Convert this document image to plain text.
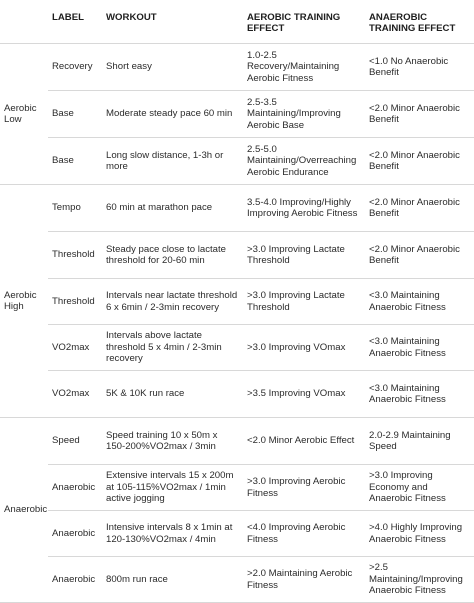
	LABEL	WORKOUT	AEROBIC TRAINING EFFECT	ANAEROBIC TRAINING EFFECT

Aerobic Low	Recovery	Short easy	1.0-2.5 Recovery/Maintaining Aerobic Fitness	<1.0 No Anaerobic Benefit
	Base	Moderate steady pace 60 min	2.5-3.5 Maintaining/Improving Aerobic Base	<2.0 Minor Anaerobic Benefit
	Base	Long slow distance, 1-3h or more	2.5-5.0 Maintaining/Overreaching Aerobic Endurance	<2.0 Minor Anaerobic Benefit

Aerobic High	Tempo	60 min at marathon pace	3.5-4.0 Improving/Highly Improving Aerobic Fitness	<2.0 Minor Anaerobic Benefit
	Threshold	Steady pace close to lactate threshold for 20-60 min	>3.0 Improving Lactate Threshold	<2.0 Minor Anaerobic Benefit
	Threshold	Intervals near lactate threshold 6 x 6min / 2-3min recovery	>3.0 Improving Lactate Threshold	<3.0 Maintaining Anaerobic Fitness
	VO2max	Intervals above lactate threshold 5 x 4min / 2-3min recovery	>3.0 Improving VOmax	<3.0 Maintaining Anaerobic Fitness
	VO2max	5K & 10K run race	>3.5 Improving VOmax	<3.0 Maintaining Anaerobic Fitness

Anaerobic	Speed	Speed training 10 x 50m x 150-200%VO2max / 3min	<2.0 Minor Aerobic Effect	2.0-2.9 Maintaining Speed
	Anaerobic	Extensive intervals 15 x 200m at 105-115%VO2max / 1min active jogging	>3.0 Improving Aerobic Fitness	>3.0 Improving Economy and Anaerobic Fitness
	Anaerobic	Intensive intervals 8 x 1min at 120-130%VO2max / 4min	<4.0 Improving Aerobic Fitness	>4.0 Highly Improving Anaerobic Fitness
	Anaerobic	800m run race	>2.0 Maintaining Aerobic Fitness	>2.5 Maintaining/Improving Anaerobic Fitness
